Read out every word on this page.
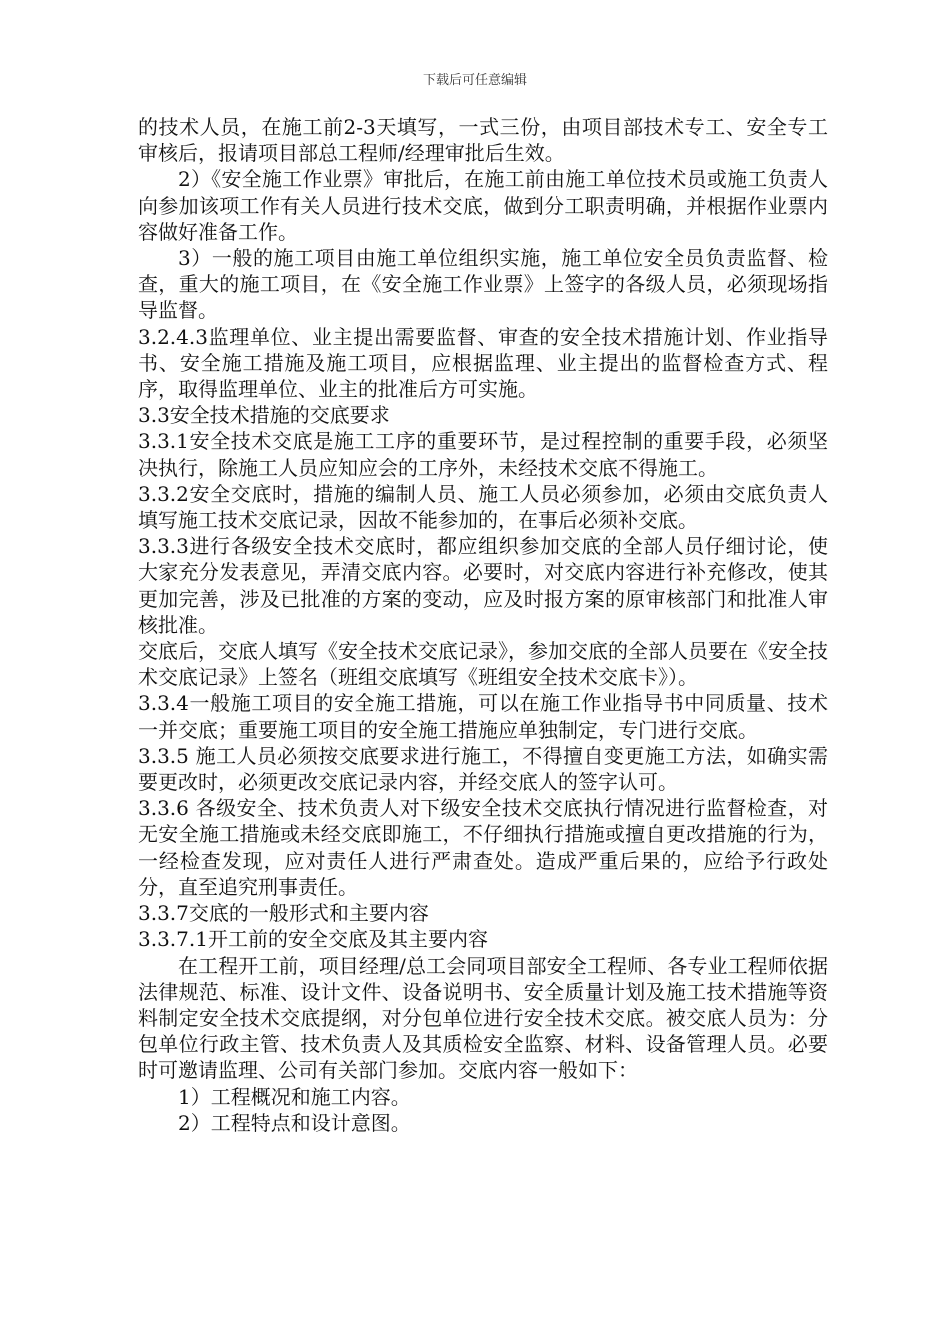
下载后可任意编辑

的技术人员，在施工前2-3天填写，一式三份，由项目部技术专工、安全专工审核后，报请项目部总工程师/经理审批后生效。

2）《安全施工作业票》审批后，在施工前由施工单位技术员或施工负责人向参加该项工作有关人员进行技术交底，做到分工职责明确，并根据作业票内容做好准备工作。

3）一般的施工项目由施工单位组织实施，施工单位安全员负责监督、检查，重大的施工项目，在《安全施工作业票》上签字的各级人员，必须现场指导监督。

3.2.4.3监理单位、业主提出需要监督、审查的安全技术措施计划、作业指导书、安全施工措施及施工项目，应根据监理、业主提出的监督检查方式、程序，取得监理单位、业主的批准后方可实施。

3.3安全技术措施的交底要求

3.3.1安全技术交底是施工工序的重要环节，是过程控制的重要手段，必须坚决执行，除施工人员应知应会的工序外，未经技术交底不得施工。

3.3.2安全交底时，措施的编制人员、施工人员必须参加，必须由交底负责人填写施工技术交底记录，因故不能参加的，在事后必须补交底。

3.3.3进行各级安全技术交底时，都应组织参加交底的全部人员仔细讨论，使大家充分发表意见，弄清交底内容。必要时，对交底内容进行补充修改，使其更加完善，涉及已批准的方案的变动，应及时报方案的原审核部门和批准人审核批准。

交底后，交底人填写《安全技术交底记录》，参加交底的全部人员要在《安全技术交底记录》上签名（班组交底填写《班组安全技术交底卡》）。

3.3.4一般施工项目的安全施工措施，可以在施工作业指导书中同质量、技术一并交底；重要施工项目的安全施工措施应单独制定，专门进行交底。

3.3.5 施工人员必须按交底要求进行施工，不得擅自变更施工方法，如确实需要更改时，必须更改交底记录内容，并经交底人的签字认可。

3.3.6 各级安全、技术负责人对下级安全技术交底执行情况进行监督检查，对无安全施工措施或未经交底即施工，不仔细执行措施或擅自更改措施的行为，一经检查发现，应对责任人进行严肃查处。造成严重后果的，应给予行政处分，直至追究刑事责任。

3.3.7交底的一般形式和主要内容

3.3.7.1开工前的安全交底及其主要内容

在工程开工前，项目经理/总工会同项目部安全工程师、各专业工程师依据法律规范、标准、设计文件、设备说明书、安全质量计划及施工技术措施等资料制定安全技术交底提纲，对分包单位进行安全技术交底。被交底人员为：分包单位行政主管、技术负责人及其质检安全监察、材料、设备管理人员。必要时可邀请监理、公司有关部门参加。交底内容一般如下：

1）工程概况和施工内容。

2）工程特点和设计意图。
